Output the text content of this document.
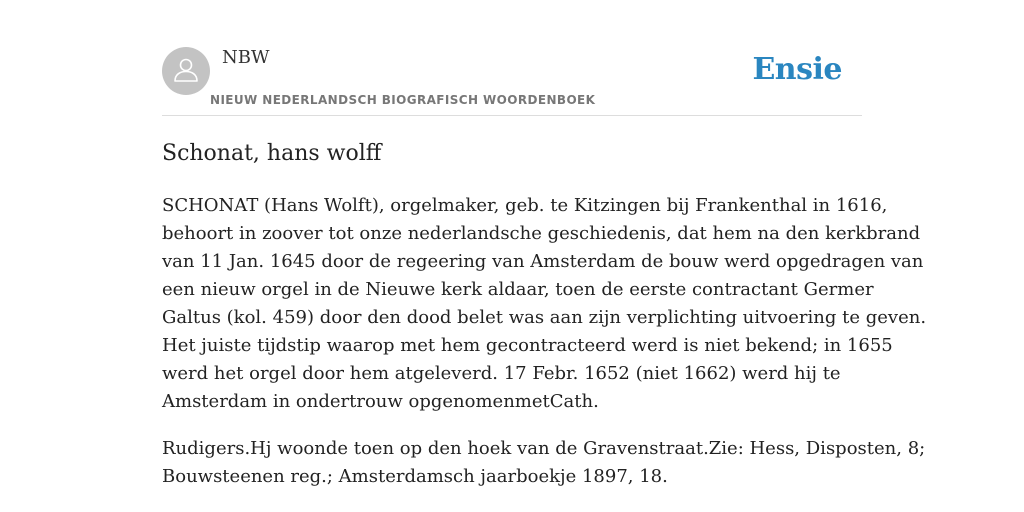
NBW
NIEUW NEDERLANDSCH BIOGRAFISCH WOORDENBOEK
Ensie
Schonat, hans wolff

SCHONAT (Hans Wolft), orgelmaker, geb. te Kitzingen bij Frankenthal in 1616,
behoort in zoover tot onze nederlandsche geschiedenis, dat hem na den kerkbrand
van 11 Jan. 1645 door de regeering van Amsterdam de bouw werd opgedragen van
een nieuw orgel in de Nieuwe kerk aldaar, toen de eerste contractant Germer
Galtus (kol. 459) door den dood belet was aan zijn verplichting uitvoering te geven.
Het juiste tijdstip waarop met hem gecontracteerd werd is niet bekend; in 1655
werd het orgel door hem atgeleverd. 17 Febr. 1652 (niet 1662) werd hij te
Amsterdam in ondertrouw opgenomenmetCath.

Rudigers.Hj woonde toen op den hoek van de Gravenstraat.Zie: Hess, Disposten, 8;
Bouwsteenen reg.; Amsterdamsch jaarboekje 1897, 18.
